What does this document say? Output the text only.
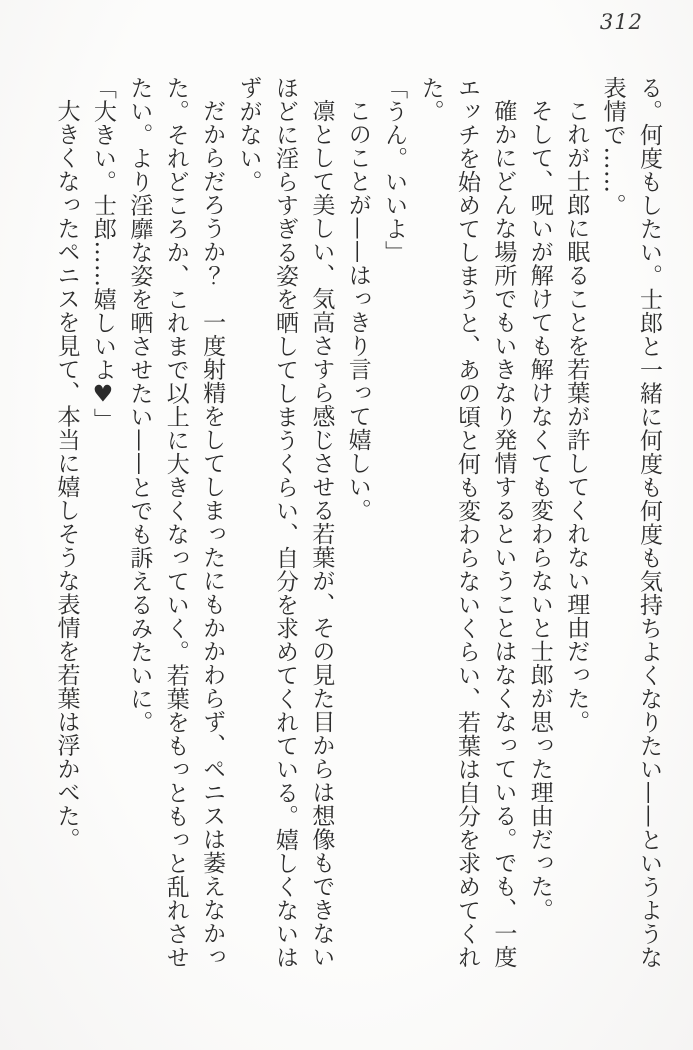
312
る。何度もしたい。士郎と一緒に何度も何度も気持ちよくなりたい——というような
表情で……。
これが士郎に眠ることを若葉が許してくれない理由だった。
そして、呪いが解けても解けなくても変わらないと士郎が思った理由だった。
確かにどんな場所でもいきなり発情するということはなくなっている。でも、一度
エッチを始めてしまうと、あの頃と何も変わらないくらい、若葉は自分を求めてくれ
た。
「うん。いいよ」
このことが——はっきり言って嬉しい。
凛として美しい、気高さすら感じさせる若葉が、その見た目からは想像もできない
ほどに淫らすぎる姿を晒してしまうくらい、自分を求めてくれている。嬉しくないは
ずがない。
だからだろうか？　一度射精をしてしまったにもかかわらず、ペニスは萎えなかっ
た。それどころか、これまで以上に大きくなっていく。若葉をもっともっと乱れさせ
たい。より淫靡な姿を晒させたい——とでも訴えるみたいに。
「大きい。士郎……嬉しいよ♥」
大きくなったペニスを見て、本当に嬉しそうな表情を若葉は浮かべた。
